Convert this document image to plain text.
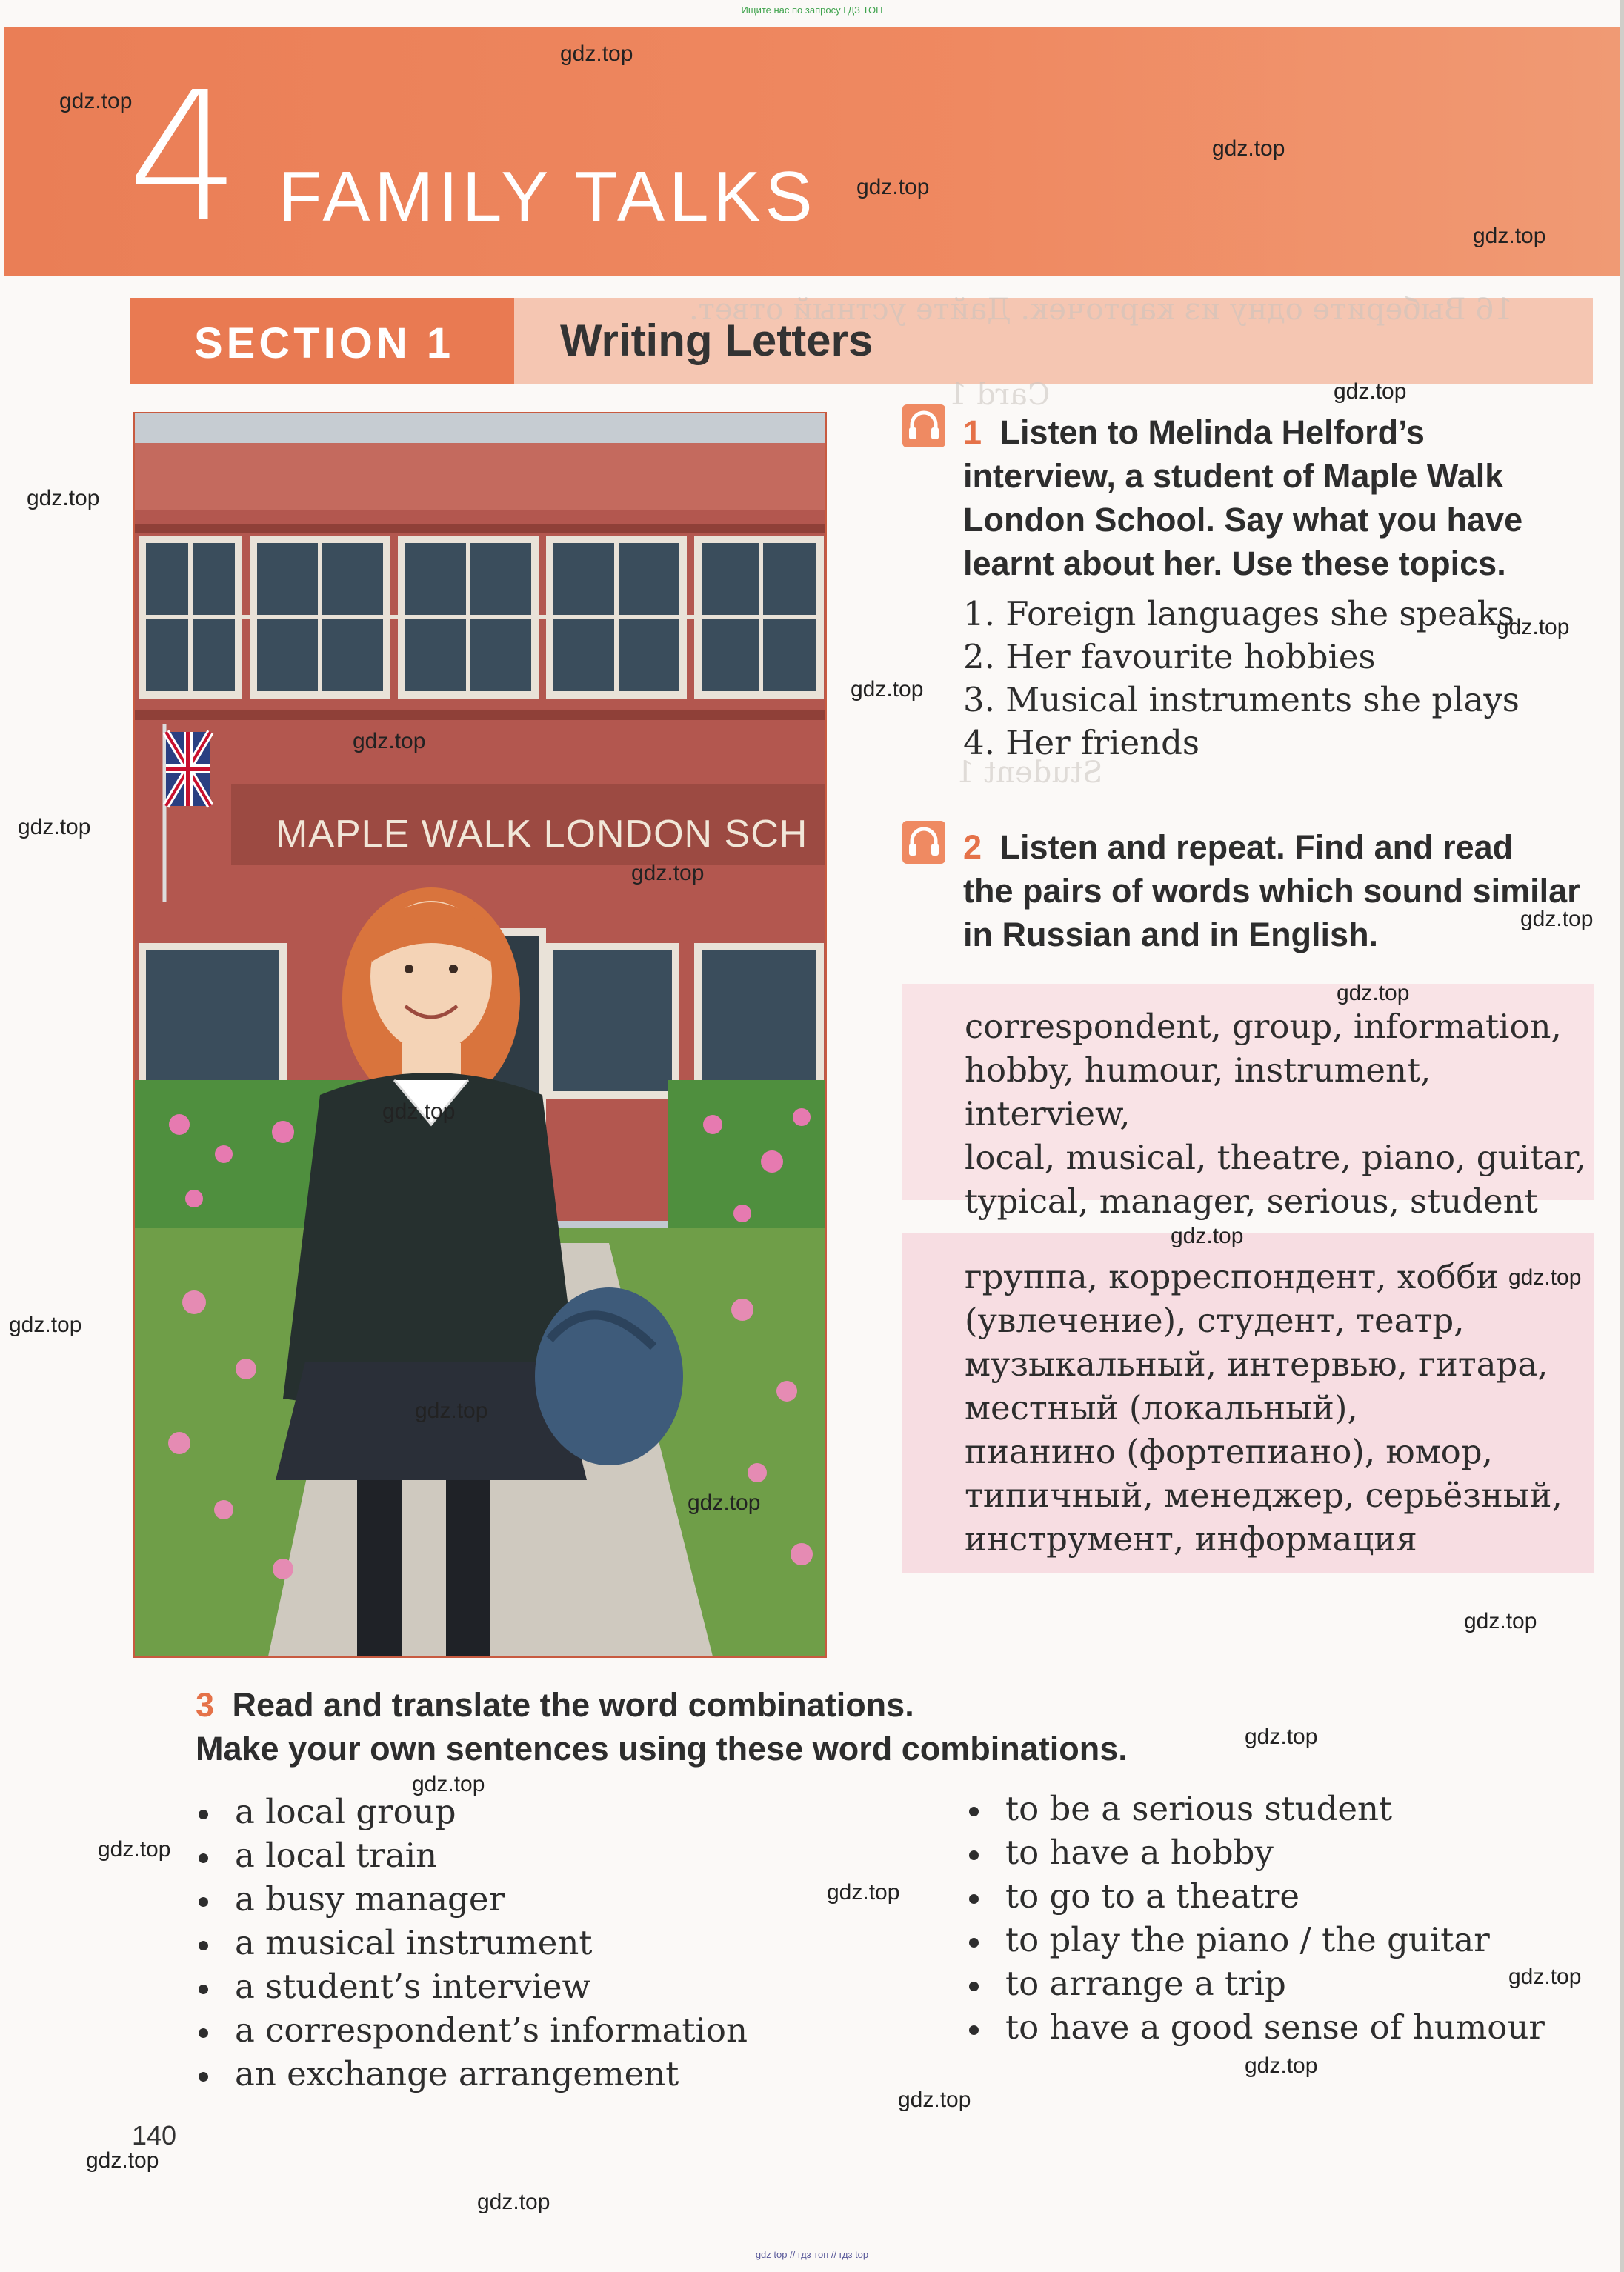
Ищите нас по запросу ГДЗ ТОП
4 FAMILY TALKS
SECTION 1 Writing Letters
MAPLE WALK LONDON SCH
16 Выберите одну из карточек. Дайте устный ответ.
Card 1
Student 1
1 Listen to Melinda Helford’s
interview, a student of Maple Walk
London School. Say what you have
learnt about her. Use these topics.
1. Foreign languages she speaks
2. Her favourite hobbies
3. Musical instruments she plays
4. Her friends
2 Listen and repeat. Find and read
the pairs of words which sound similar
in Russian and in English.
correspondent, group, information,
hobby, humour, instrument, interview,
local, musical, theatre, piano, guitar,
typical, manager, serious, student
группа, корреспондент, хобби
(увлечение), студент, театр,
музыкальный, интервью, гитара,
местный (локальный),
пианино (фортепиано), юмор,
типичный, менеджер, серьёзный,
инструмент, информация
3 Read and translate the word combinations.
Make your own sentences using these word combinations.
a local group
a local train
a busy manager
a musical instrument
a student’s interview
a correspondent’s information
an exchange arrangement
to be a serious student
to have a hobby
to go to a theatre
to play the piano / the guitar
to arrange a trip
to have a good sense of humour
140
gdz.top
gdz.top
gdz.top
gdz.top
gdz.top
gdz.top
gdz.top
gdz.top
gdz.top
gdz.top
gdz.top
gdz.top
gdz.top
gdz.top
gdz.top
gdz.top
gdz.top
gdz.top
gdz.top
gdz.top
gdz.top
gdz.top
gdz.top
gdz.top
gdz.top
gdz.top
gdz.top
gdz.top
gdz.top
gdz.top
gdz top // гдз топ // гдз top
